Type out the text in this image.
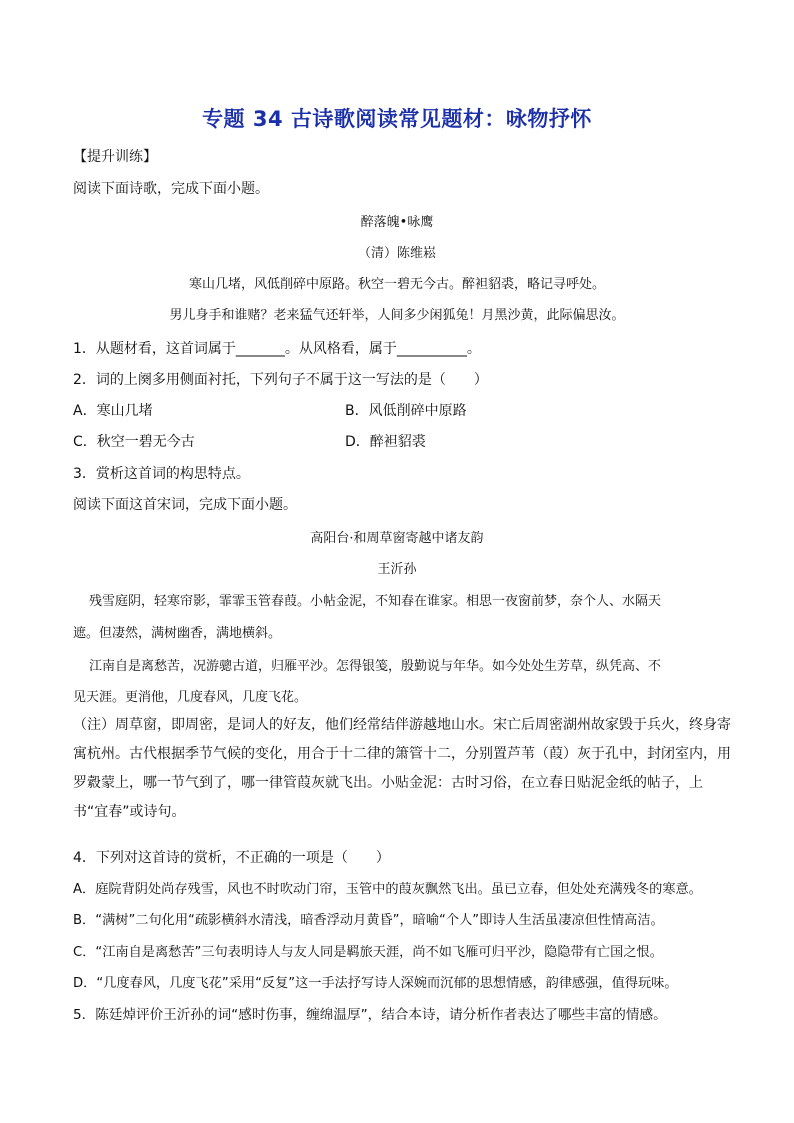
专题 34 古诗歌阅读常见题材：咏物抒怀
【提升训练】
阅读下面诗歌，完成下面小题。
醉落魄•咏鹰
（清）陈维崧
寒山几堵，风低削碎中原路。秋空一碧无今古。醉袒貂裘，略记寻呼处。
男儿身手和谁赌？老来猛气还轩举，人间多少闲狐兔！月黑沙黄，此际偏思汝。
1．从题材看，这首词属于_______。从风格看，属于__________。
2．词的上阕多用侧面衬托，下列句子不属于这一写法的是（　　）
A．寒山几堵	B．风低削碎中原路
C．秋空一碧无今古	D．醉袒貂裘
3．赏析这首词的构思特点。
阅读下面这首宋词，完成下面小题。
高阳台·和周草窗寄越中诸友韵
王沂孙
残雪庭阴，轻寒帘影，霏霏玉管春葭。小帖金泥，不知春在谁家。相思一夜窗前梦，奈个人、水隔天
遮。但凄然，满树幽香，满地横斜。
江南自是离愁苦，况游骢古道，归雁平沙。怎得银笺，殷勤说与年华。如今处处生芳草，纵凭高、不
见天涯。更消他，几度春风，几度飞花。
（注）周草窗，即周密，是词人的好友，他们经常结伴游越地山水。宋亡后周密湖州故家毁于兵火，终身寄寓杭州。古代根据季节气候的变化，用合于十二律的箫管十二，分别置芦苇（葭）灰于孔中，封闭室内，用罗縠蒙上，哪一节气到了，哪一律管葭灰就飞出。小贴金泥：古时习俗，在立春日贴泥金纸的帖子，上书“宜春”或诗句。
4．下列对这首诗的赏析，不正确的一项是（　　）
A．庭院背阴处尚存残雪，风也不时吹动门帘，玉管中的葭灰飘然飞出。虽已立春，但处处充满残冬的寒意。
B．“满树”二句化用“疏影横斜水清浅，暗香浮动月黄昏”，暗喻“个人”即诗人生活虽凄凉但性情高洁。
C．“江南自是离愁苦”三句表明诗人与友人同是羁旅天涯，尚不如飞雁可归平沙，隐隐带有亡国之恨。
D．“几度春风，几度飞花”采用“反复”这一手法抒写诗人深婉而沉郁的思想情感，韵律感强，值得玩味。
5．陈廷焯评价王沂孙的词“感时伤事，缠绵温厚”，结合本诗，请分析作者表达了哪些丰富的情感。
